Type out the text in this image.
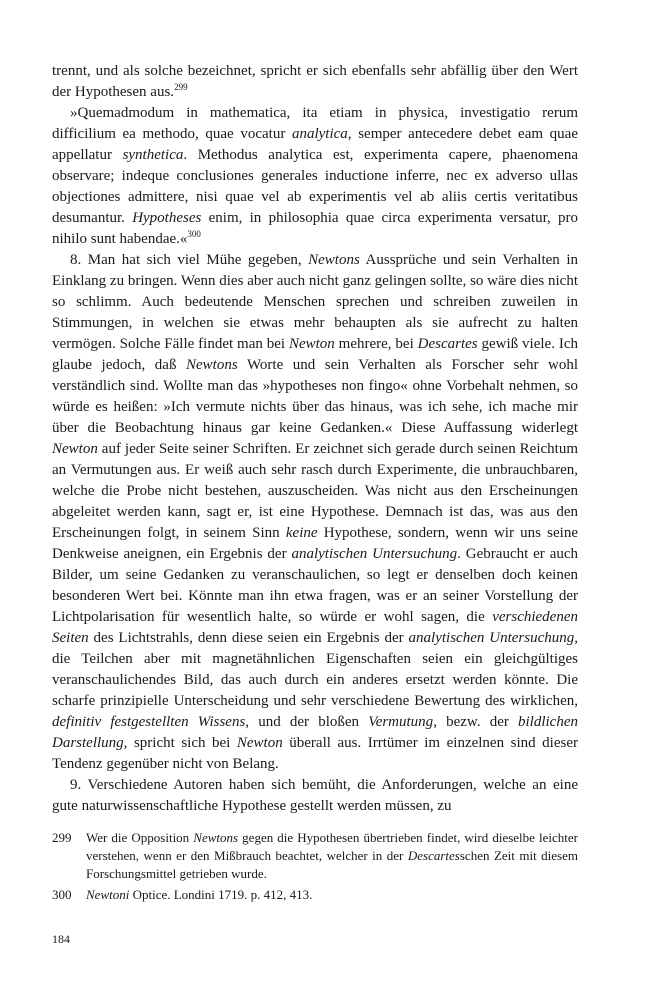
trennt, und als solche bezeichnet, spricht er sich ebenfalls sehr abfällig über den Wert der Hypothesen aus.$^{299}$

»Quemadmodum in mathematica, ita etiam in physica, investigatio rerum difficilium ea methodo, quae vocatur analytica, semper antecedere debet eam quae appellatur synthetica. Methodus analytica est, experimenta capere, phaenomena observare; indeque conclusiones generales inductione inferre, nec ex adverso ullas objectiones admittere, nisi quae vel ab experimentis vel ab aliis certis veritatibus desumantur. Hypotheses enim, in philosophia quae circa experimenta versatur, pro nihilo sunt habendae.«$^{300}$

8. Man hat sich viel Mühe gegeben, Newtons Aussprüche und sein Verhalten in Einklang zu bringen. Wenn dies aber auch nicht ganz gelingen sollte, so wäre dies nicht so schlimm. Auch bedeutende Menschen sprechen und schreiben zuweilen in Stimmungen, in welchen sie etwas mehr behaupten als sie aufrecht zu halten vermögen. Solche Fälle findet man bei Newton mehrere, bei Descartes gewiß viele. Ich glaube jedoch, daß Newtons Worte und sein Verhalten als Forscher sehr wohl verständlich sind. Wollte man das »hypotheses non fingo« ohne Vorbehalt nehmen, so würde es heißen: »Ich vermute nichts über das hinaus, was ich sehe, ich mache mir über die Beobachtung hinaus gar keine Gedanken.« Diese Auffassung widerlegt Newton auf jeder Seite seiner Schriften. Er zeichnet sich gerade durch seinen Reichtum an Vermutungen aus. Er weiß auch sehr rasch durch Experimente, die unbrauchbaren, welche die Probe nicht bestehen, auszuscheiden. Was nicht aus den Erscheinungen abgeleitet werden kann, sagt er, ist eine Hypothese. Demnach ist das, was aus den Erscheinungen folgt, in seinem Sinn keine Hypothese, sondern, wenn wir uns seine Denkweise aneignen, ein Ergebnis der analytischen Untersuchung. Gebraucht er auch Bilder, um seine Gedanken zu veranschaulichen, so legt er denselben doch keinen besonderen Wert bei. Könnte man ihn etwa fragen, was er an seiner Vorstellung der Lichtpolarisation für wesentlich halte, so würde er wohl sagen, die verschiedenen Seiten des Lichtstrahls, denn diese seien ein Ergebnis der analytischen Untersuchung, die Teilchen aber mit magnetähnlichen Eigenschaften seien ein gleichgültiges veranschaulichendes Bild, das auch durch ein anderes ersetzt werden könnte. Die scharfe prinzipielle Unterscheidung und sehr verschiedene Bewertung des wirklichen, definitiv festgestellten Wissens, und der bloßen Vermutung, bezw. der bildlichen Darstellung, spricht sich bei Newton überall aus. Irrtümer im einzelnen sind dieser Tendenz gegenüber nicht von Belang.

9. Verschiedene Autoren haben sich bemüht, die Anforderungen, welche an eine gute naturwissenschaftliche Hypothese gestellt werden müssen, zu

299	Wer die Opposition Newtons gegen die Hypothesen übertrieben findet, wird dieselbe leichter verstehen, wenn er den Mißbrauch beachtet, welcher in der Descartesschen Zeit mit diesem Forschungsmittel getrieben wurde.
300	Newtoni Optice. Londini 1719. p. 412, 413.
184
